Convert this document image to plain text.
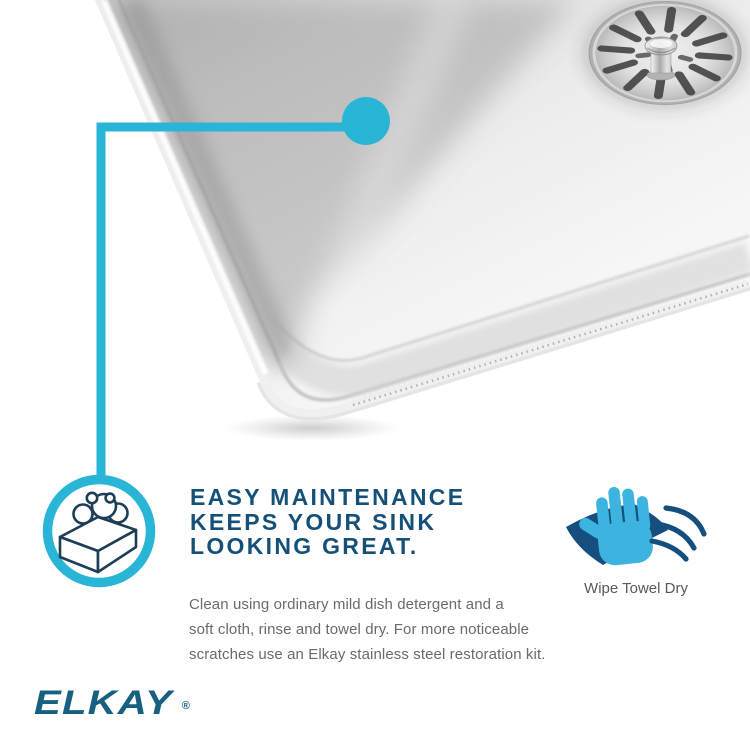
EASY MAINTENANCE
KEEPS YOUR SINK
LOOKING GREAT.
Clean using ordinary mild dish detergent and a
soft cloth, rinse and towel dry. For more noticeable
scratches use an Elkay stainless steel restoration kit.
Wipe Towel Dry
ELKAY ®
